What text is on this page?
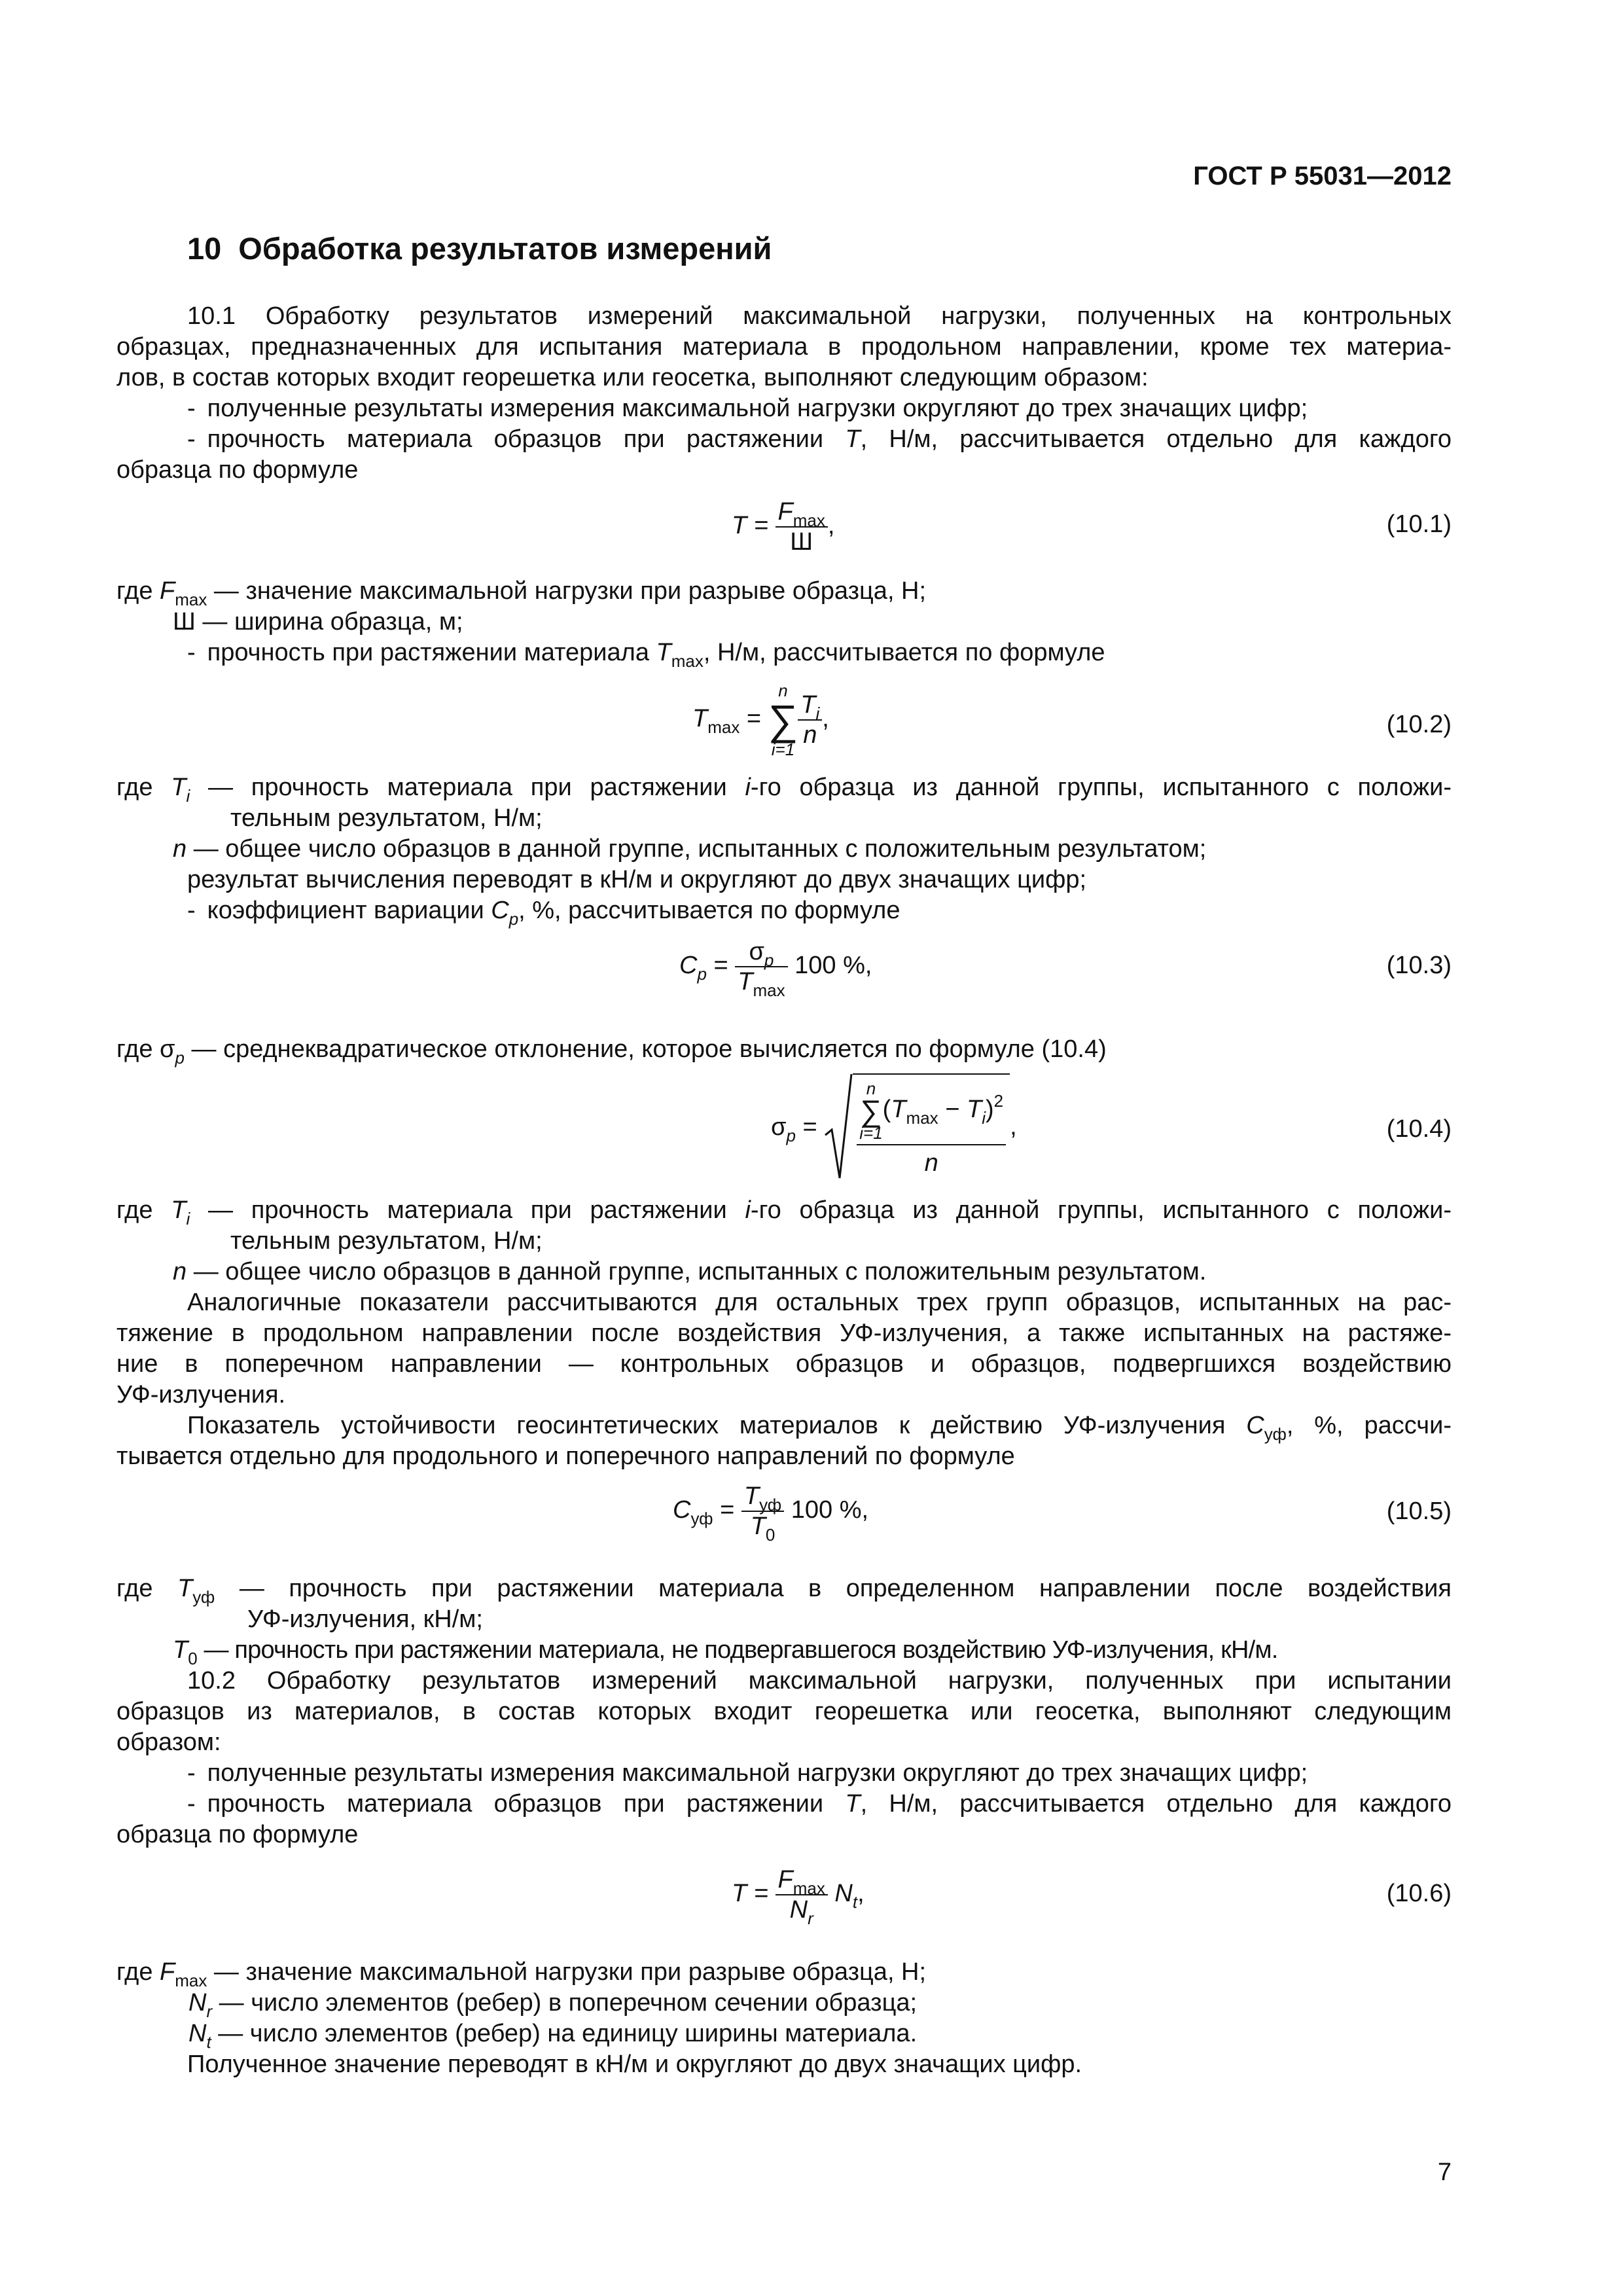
ГОСТ Р 55031—2012
10 Обработка результатов измерений

10.1 Обработку результатов измерений максимальной нагрузки, полученных на контрольных

образцах, предназначенных для испытания материала в продольном направлении, кроме тех материа-

лов, в состав которых входит георешетка или геосетка, выполняют следующим образом:

- полученные результаты измерения максимальной нагрузки округляют до трех значащих цифр;

- прочность материала образцов при растяжении T, Н/м, рассчитывается отдельно для каждого

образца по формуле

$T = \frac{F_{max}}{Ш}$ ,	(10.1)

где $F_{max}$ — значение максимальной нагрузки при разрыве образца, Н;

Ш — ширина образца, м;

- прочность при растяжении материала $T_{max}$, Н/м, рассчитывается по формуле

$T_{max}$ =
n
∑
$i=1 \frac{T_i}{n}$ ,	(10.2)

где $T_i$ — прочность материала при растяжении i-го образца из данной группы, испытанного с положи-

тельным результатом, Н/м;

n — общее число образцов в данной группе, испытанных с положительным результатом;

результат вычисления переводят в кН/м и округляют до двух значащих цифр;

- коэффициент вариации $C_p$, %, рассчитывается по формуле

$C_p = \frac{\sigma_p}{T_{max}} 100$ %,	(10.3)

где $\sigma_p$ — среднеквадратическое отклонение, которое вычисляется по формуле (10.4)

$\sigma_p$ =
n
∑
i=1
$(T_{max} - T_i)^2$
n
,	(10.4)

где $T_i$ — прочность материала при растяжении i-го образца из данной группы, испытанного с положи-

тельным результатом, Н/м;

n — общее число образцов в данной группе, испытанных с положительным результатом.

Аналогичные показатели рассчитываются для остальных трех групп образцов, испытанных на рас-

тяжение в продольном направлении после воздействия УФ-излучения, а также испытанных на растяже-

ние в поперечном направлении — контрольных образцов и образцов, подвергшихся воздействию

УФ-излучения.

Показатель устойчивости геосинтетических материалов к действию УФ-излучения $C_{уф}$, %, рассчи-

тывается отдельно для продольного и поперечного направлений по формуле

$C_{уф} = \frac{T_{уф}}{T_0} 100$ %,	(10.5)

где $T_{уф}$ — прочность при растяжении материала в определенном направлении после воздействия

УФ-излучения, кН/м;

$T_0$ — прочность при растяжении материала, не подвергавшегося воздействию УФ-излучения, кН/м.

10.2 Обработку результатов измерений максимальной нагрузки, полученных при испытании

образцов из материалов, в состав которых входит георешетка или геосетка, выполняют следующим

образом:

- полученные результаты измерения максимальной нагрузки округляют до трех значащих цифр;

- прочность материала образцов при растяжении T, Н/м, рассчитывается отдельно для каждого

образца по формуле

$T = \frac{F_{max}}{N_r} N_t$,	(10.6)

где $F_{max}$ — значение максимальной нагрузки при разрыве образца, Н;

$N_r$ — число элементов (ребер) в поперечном сечении образца;

$N_t$ — число элементов (ребер) на единицу ширины материала.

Полученное значение переводят в кН/м и округляют до двух значащих цифр.

7
